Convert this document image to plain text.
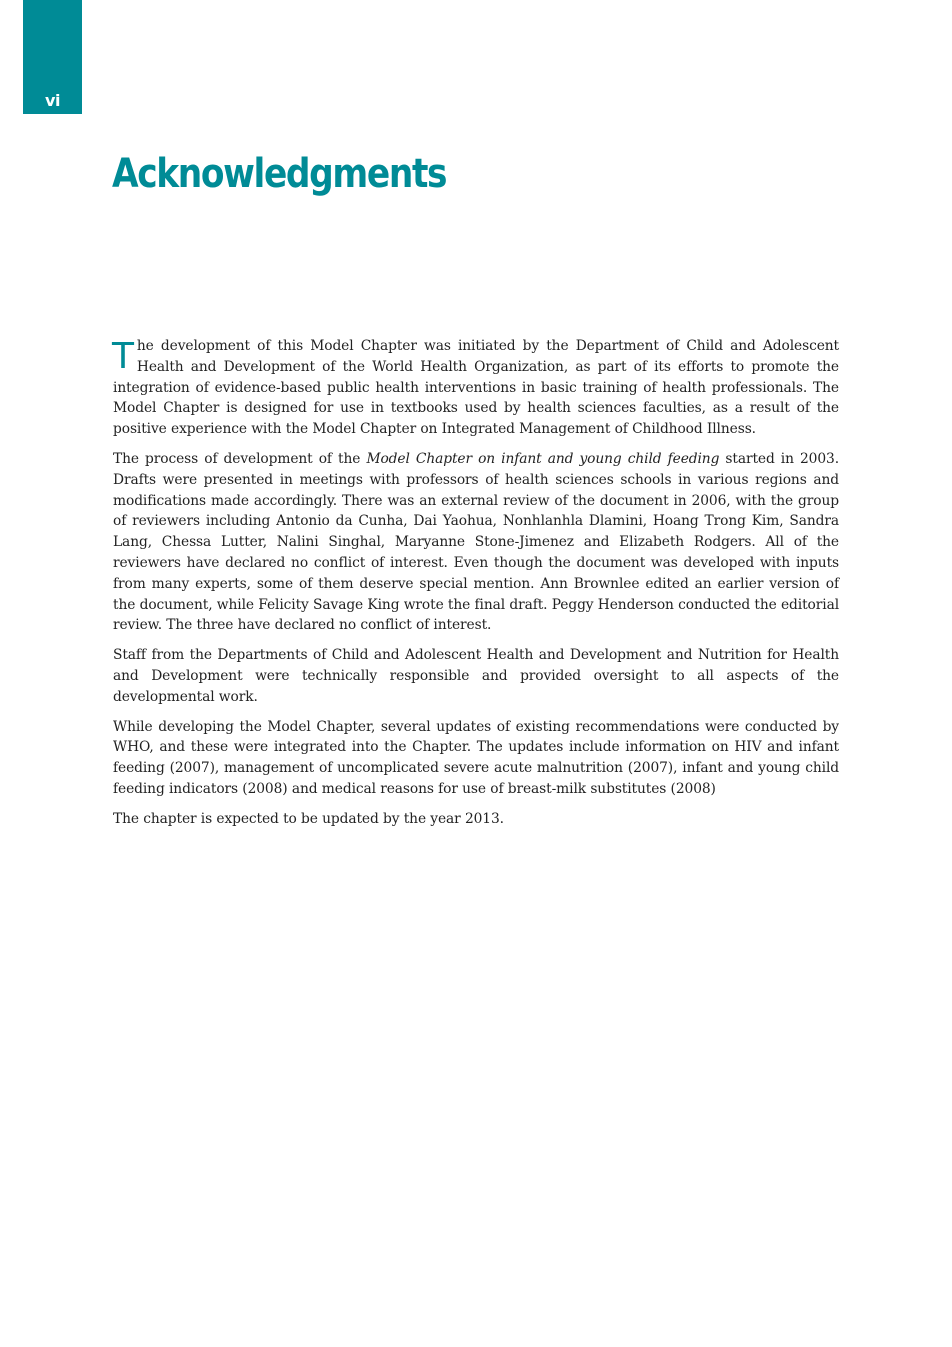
vi
Acknowledgments

The development of this Model Chapter was initiated by the Department of Child and Adolescent Health and Development of the World Health Organization, as part of its efforts to promote the integration of evidence-based public health interventions in basic training of health professionals. The Model Chapter is designed for use in textbooks used by health sciences faculties, as a result of the positive experience with the Model Chapter on Integrated Management of Childhood Illness.

The process of development of the Model Chapter on infant and young child feeding started in 2003. Drafts were presented in meetings with professors of health sciences schools in various regions and modifications made accordingly. There was an external review of the document in 2006, with the group of reviewers including Antonio da Cunha, Dai Yaohua, Nonhlanhla Dlamini, Hoang Trong Kim, Sandra Lang, Chessa Lutter, Nalini Singhal, Maryanne Stone-Jimenez and Elizabeth Rodgers. All of the reviewers have declared no conflict of interest. Even though the document was developed with inputs from many experts, some of them deserve special mention. Ann Brownlee edited an earlier version of the document, while Felicity Savage King wrote the final draft. Peggy Henderson conducted the editorial review. The three have declared no conflict of interest.

Staff from the Departments of Child and Adolescent Health and Development and Nutrition for Health and Development were technically responsible and provided oversight to all aspects of the developmental work.

While developing the Model Chapter, several updates of existing recommendations were conducted by WHO, and these were integrated into the Chapter. The updates include information on HIV and infant feeding (2007), management of uncomplicated severe acute malnutrition (2007), infant and young child feeding indicators (2008) and medical reasons for use of breast-milk substitutes (2008)

The chapter is expected to be updated by the year 2013.
